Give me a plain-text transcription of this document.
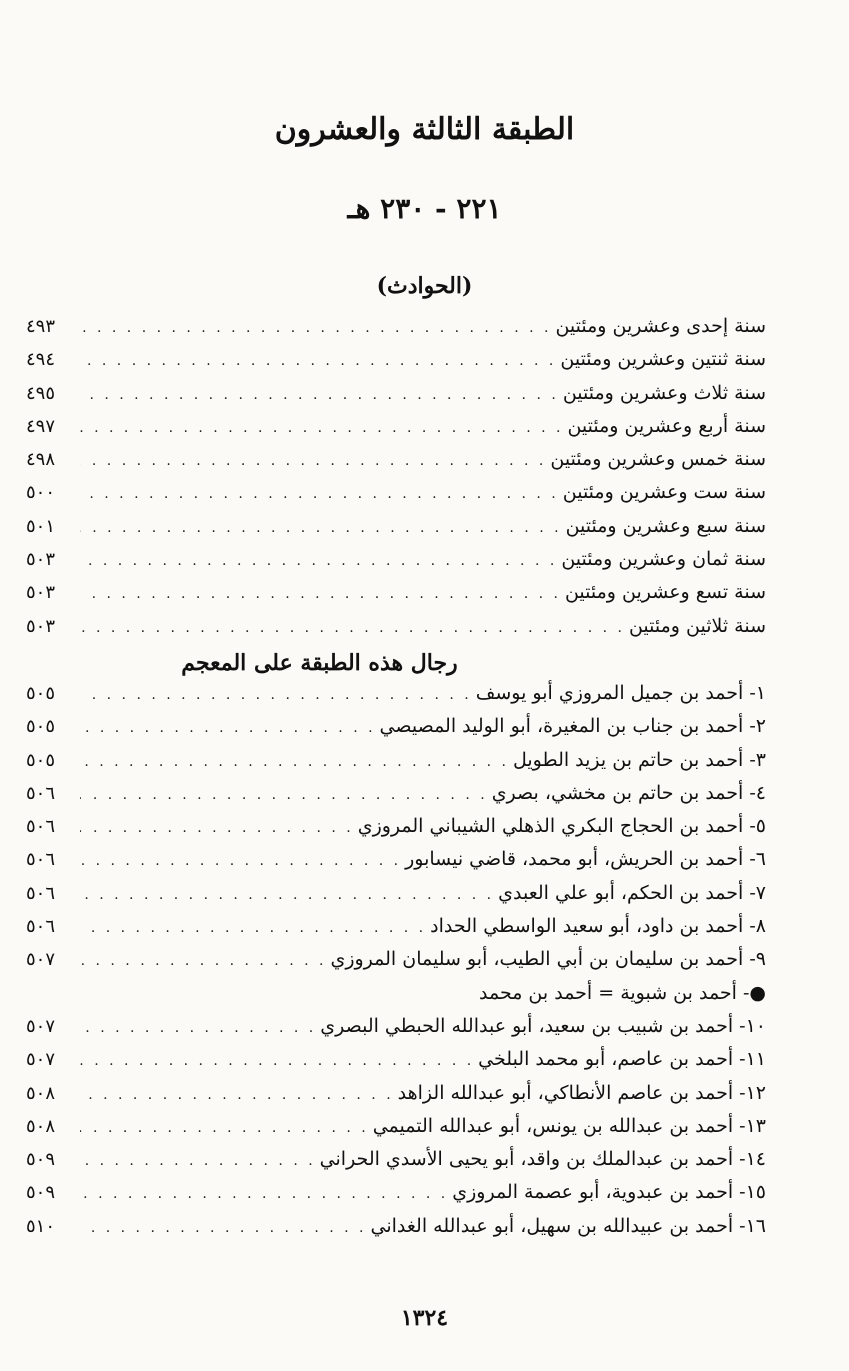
الطبقة الثالثة والعشرون
٢٢١ - ٢٣٠ هـ
(الحوادث)
سنة إحدى وعشرين ومئتين
. . .
٤٩٣
سنة ثنتين وعشرين ومئتين
. . .
٤٩٤
سنة ثلاث وعشرين ومئتين
. . .
٤٩٥
سنة أربع وعشرين ومئتين
. . .
٤٩٧
سنة خمس وعشرين ومئتين
. . .
٤٩٨
سنة ست وعشرين ومئتين
. . .
٥٠٠
سنة سبع وعشرين ومئتين
. . .
٥٠١
سنة ثمان وعشرين ومئتين
. . .
٥٠٣
سنة تسع وعشرين ومئتين
. . .
٥٠٣
سنة ثلاثين ومئتين
. . .
٥٠٣
رجال هذه الطبقة على المعجم
١- أحمد بن جميل المروزي أبو يوسف
. . .
٥٠٥
٢- أحمد بن جناب بن المغيرة، أبو الوليد المصيصي
. . .
٥٠٥
٣- أحمد بن حاتم بن يزيد الطويل
. . .
٥٠٥
٤- أحمد بن حاتم بن مخشي، بصري
. . .
٥٠٦
٥- أحمد بن الحجاج البكري الذهلي الشيباني المروزي
. . .
٥٠٦
٦- أحمد بن الحريش، أبو محمد، قاضي نيسابور
. . .
٥٠٦
٧- أحمد بن الحكم، أبو علي العبدي
. . .
٥٠٦
٨- أحمد بن داود، أبو سعيد الواسطي الحداد
. . .
٥٠٦
٩- أحمد بن سليمان بن أبي الطيب، أبو سليمان المروزي
. . .
٥٠٧
●- أحمد بن شبوية = أحمد بن محمد
١٠- أحمد بن شبيب بن سعيد، أبو عبدالله الحبطي البصري
. . .
٥٠٧
١١- أحمد بن عاصم، أبو محمد البلخي
. . .
٥٠٧
١٢- أحمد بن عاصم الأنطاكي، أبو عبدالله الزاهد
. . .
٥٠٨
١٣- أحمد بن عبدالله بن يونس، أبو عبدالله التميمي
. . .
٥٠٨
١٤- أحمد بن عبدالملك بن واقد، أبو يحيى الأسدي الحراني
. . .
٥٠٩
١٥- أحمد بن عبدوية، أبو عصمة المروزي
. . .
٥٠٩
١٦- أحمد بن عبيدالله بن سهيل، أبو عبدالله الغداني
. . .
٥١٠
١٣٢٤
